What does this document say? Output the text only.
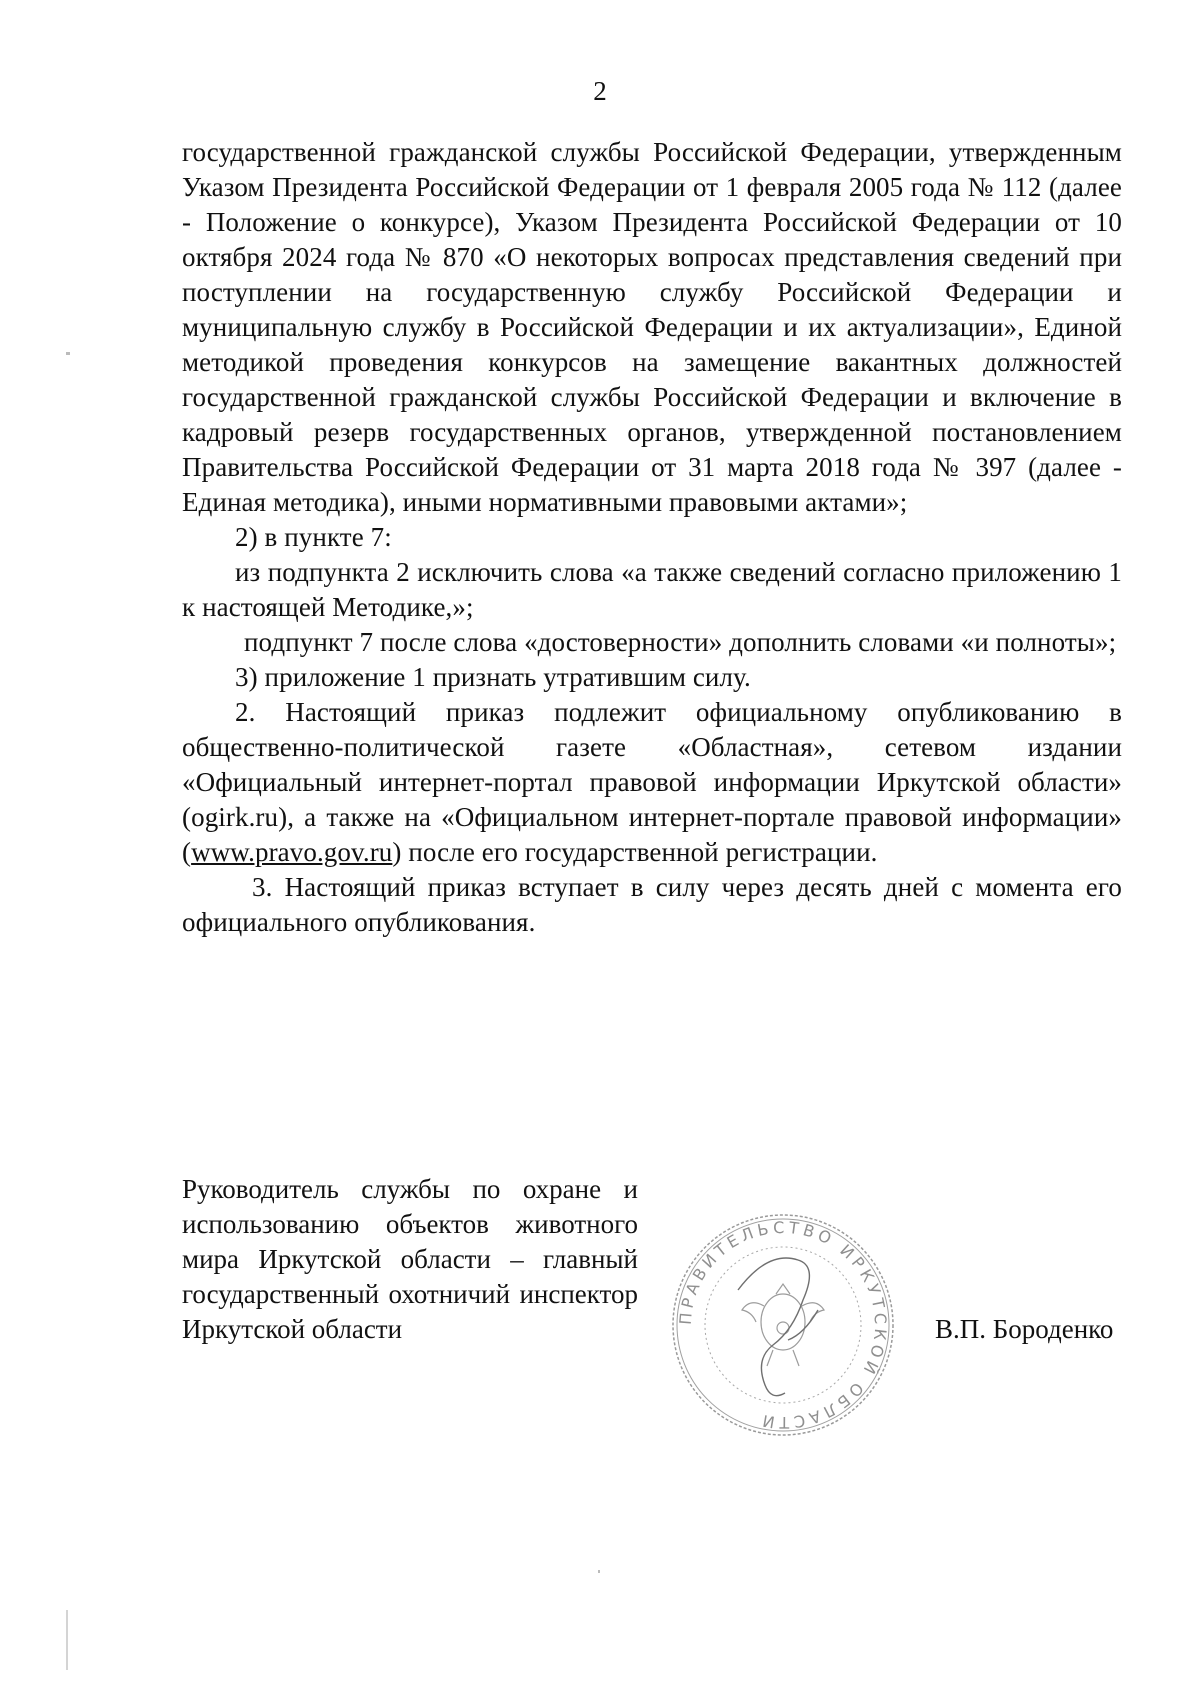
2

государственной гражданской службы Российской Федерации, утвержденным Указом Президента Российской Федерации от 1 февраля 2005 года № 112 (далее - Положение о конкурсе), Указом Президента Российской Федерации от 10 октября 2024 года № 870 «О некоторых вопросах представления сведений при поступлении на государственную службу Российской Федерации и муниципальную службу в Российской Федерации и их актуализации», Единой методикой проведения конкурсов на замещение вакантных должностей государственной гражданской службы Российской Федерации и включение в кадровый резерв государственных органов, утвержденной постановлением Правительства Российской Федерации от 31 марта 2018 года № 397 (далее - Единая методика), иными нормативными правовыми актами»;

2) в пункте 7:

из подпункта 2 исключить слова «а также сведений согласно приложению 1 к настоящей Методике,»;

подпункт 7 после слова «достоверности» дополнить словами «и полноты»;

3) приложение 1 признать утратившим силу.

2. Настоящий приказ подлежит официальному опубликованию в общественно-политической газете «Областная», сетевом издании «Официальный интернет-портал правовой информации Иркутской области» (ogirk.ru), а также на «Официальном интернет-портале правовой информации» (www.pravo.gov.ru) после его государственной регистрации.

3. Настоящий приказ вступает в силу через десять дней с момента его официального опубликования.

Руководитель службы по охране и использованию объектов животного мира Иркутской области – главный государственный охотничий инспектор Иркутской области	ПРАВИТЕЛЬСТВО ИРКУТСКОЙ ОБЛАСТИ
В.П. Бороденко
